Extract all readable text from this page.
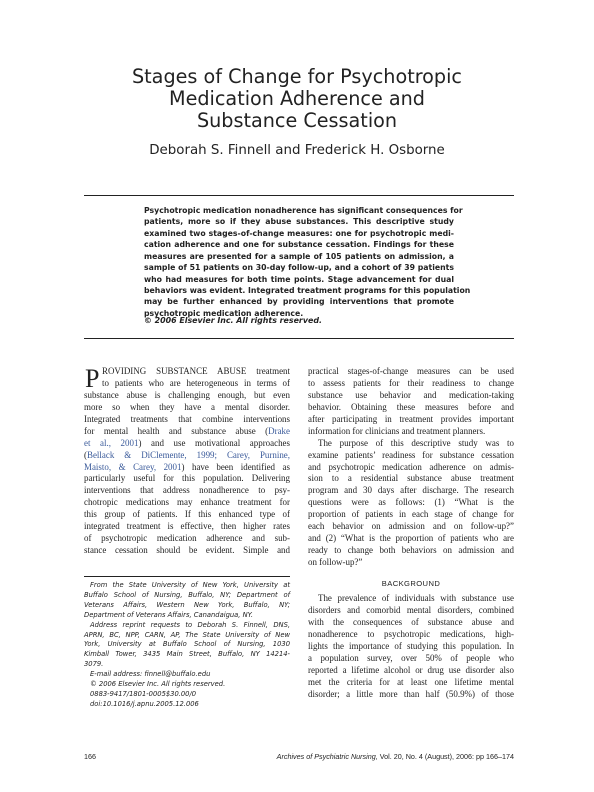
Stages of Change for Psychotropic
Medication Adherence and
Substance Cessation
Deborah S. Finnell and Frederick H. Osborne
Psychotropic medication nonadherence has significant consequences for
patients, more so if they abuse substances. This descriptive study
examined two stages-of-change measures: one for psychotropic medi-
cation adherence and one for substance cessation. Findings for these
measures are presented for a sample of 105 patients on admission, a
sample of 51 patients on 30-day follow-up, and a cohort of 39 patients
who had measures for both time points. Stage advancement for dual
behaviors was evident. Integrated treatment programs for this population
may be further enhanced by providing interventions that promote
psychotropic medication adherence.
© 2006 Elsevier Inc. All rights reserved.
P ROVIDING SUBSTANCE ABUSE treatment
to patients who are heterogeneous in terms of
substance abuse is challenging enough, but even
more so when they have a mental disorder.
Integrated treatments that combine interventions
for mental health and substance abuse (Drake
et al., 2001) and use motivational approaches
(Bellack & DiClemente, 1999; Carey, Purnine,
Maisto, & Carey, 2001) have been identified as
particularly useful for this population. Delivering
interventions that address nonadherence to psy-
chotropic medications may enhance treatment for
this group of patients. If this enhanced type of
integrated treatment is effective, then higher rates
of psychotropic medication adherence and sub-
stance cessation should be evident. Simple and
From the State University of New York, University at
Buffalo School of Nursing, Buffalo, NY; Department of
Veterans Affairs, Western New York, Buffalo, NY;
Department of Veterans Affairs, Canandaigua, NY.
Address reprint requests to Deborah S. Finnell, DNS,
APRN, BC, NPP, CARN, AP, The State University of New
York, University at Buffalo School of Nursing, 1030
Kimball Tower, 3435 Main Street, Buffalo, NY 14214-
3079.
E-mail address: finnell@buffalo.edu
© 2006 Elsevier Inc. All rights reserved.
0883-9417/1801-0005$30.00/0
doi:10.1016/j.apnu.2005.12.006
practical stages-of-change measures can be used
to assess patients for their readiness to change
substance use behavior and medication-taking
behavior. Obtaining these measures before and
after participating in treatment provides important
information for clinicians and treatment planners.
The purpose of this descriptive study was to
examine patients’ readiness for substance cessation
and psychotropic medication adherence on admis-
sion to a residential substance abuse treatment
program and 30 days after discharge. The research
questions were as follows: (1) “What is the
proportion of patients in each stage of change for
each behavior on admission and on follow-up?”
and (2) “What is the proportion of patients who are
ready to change both behaviors on admission and
on follow-up?”
BACKGROUND
The prevalence of individuals with substance use
disorders and comorbid mental disorders, combined
with the consequences of substance abuse and
nonadherence to psychotropic medications, high-
lights the importance of studying this population. In
a population survey, over 50% of people who
reported a lifetime alcohol or drug use disorder also
met the criteria for at least one lifetime mental
disorder; a little more than half (50.9%) of those
166	Archives of Psychiatric Nursing, Vol. 20, No. 4 (August), 2006: pp 166–174
